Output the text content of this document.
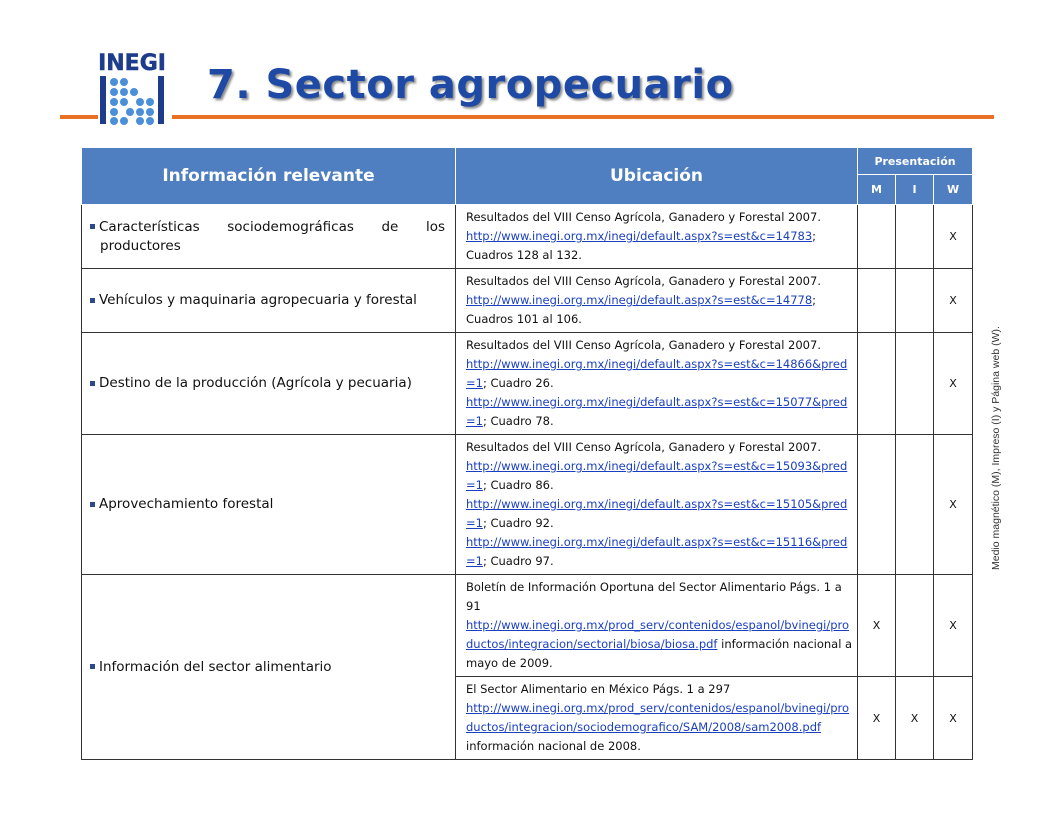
INEGI 7. Sector agropecuario
Información relevante	Ubicación	Presentación		
		M	I	W
Características sociodemográficas de los productores	Resultados del VIII Censo Agrícola, Ganadero y Forestal 2007.
http://www.inegi.org.mx/inegi/default.aspx?s=est&c=14783; Cuadros 128 al 132.			X
Vehículos y maquinaria agropecuaria y forestal	Resultados del VIII Censo Agrícola, Ganadero y Forestal 2007.
http://www.inegi.org.mx/inegi/default.aspx?s=est&c=14778; Cuadros 101 al 106.			X
Destino de la producción (Agrícola y pecuaria)	Resultados del VIII Censo Agrícola, Ganadero y Forestal 2007.
http://www.inegi.org.mx/inegi/default.aspx?s=est&c=14866&pred=1; Cuadro 26.
http://www.inegi.org.mx/inegi/default.aspx?s=est&c=15077&pred=1; Cuadro 78.			X
Aprovechamiento forestal	Resultados del VIII Censo Agrícola, Ganadero y Forestal 2007.
http://www.inegi.org.mx/inegi/default.aspx?s=est&c=15093&pred=1; Cuadro 86.
http://www.inegi.org.mx/inegi/default.aspx?s=est&c=15105&pred=1; Cuadro 92.
http://www.inegi.org.mx/inegi/default.aspx?s=est&c=15116&pred=1; Cuadro 97.			X
Información del sector alimentario	Boletín de Información Oportuna del Sector Alimentario Págs. 1 a 91
http://www.inegi.org.mx/prod_serv/contenidos/espanol/bvinegi/productos/integracion/sectorial/biosa/biosa.pdf información nacional a mayo de 2009.	X		X
	El Sector Alimentario en México Págs. 1 a 297
http://www.inegi.org.mx/prod_serv/contenidos/espanol/bvinegi/productos/integracion/sociodemografico/SAM/2008/sam2008.pdf información nacional de 2008.	X	X	X
Medio magnético (M), Impreso (I) y Página web (W).
